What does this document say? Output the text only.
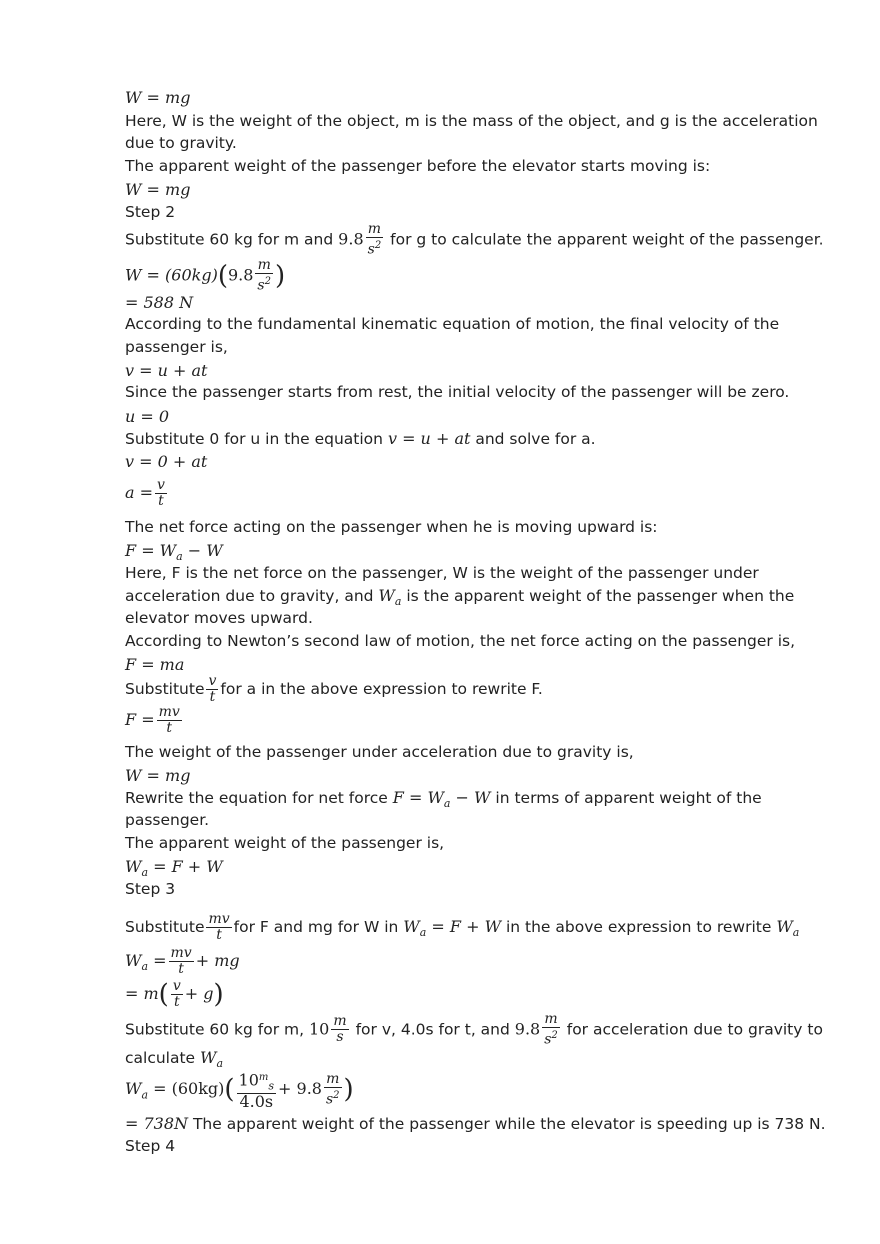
W = mg
Here, W is the weight of the object, m is the mass of the object, and g is the acceleration
due to gravity.
The apparent weight of the passenger before the elevator starts moving is:
W = mg
Step 2
Substitute 60 kg for m and $9.8 \frac{m}{s^2}$ for g to calculate the apparent weight of the passenger.
$W = (60kg)(9.8 \frac{m}{s^2}$ )
= 588 N
According to the fundamental kinematic equation of motion, the final velocity of the
passenger is,
v = u + at
Since the passenger starts from rest, the initial velocity of the passenger will be zero.
u = 0
Substitute 0 for u in the equation v = u + at and solve for a.
v = 0 + at
$a = \frac{v}{t}$
The net force acting on the passenger when he is moving upward is:
$F = W_a - W$
Here, F is the net force on the passenger, W is the weight of the passenger under
acceleration due to gravity, and $W_a$ is the apparent weight of the passenger when the
elevator moves upward.
According to Newton’s second law of motion, the net force acting on the passenger is,
F = ma
Substitute $\frac{v}{t}$ for a in the above expression to rewrite F.
$F = \frac{mv}{t}$
The weight of the passenger under acceleration due to gravity is,
W = mg
Rewrite the equation for net force $F = W_a - W$ in terms of apparent weight of the
passenger.
The apparent weight of the passenger is,
$W_a = F + W$
Step 3
Substitute $\frac{mv}{t}$ for F and mg for W in $W_a = F + W$ in the above expression to rewrite $W_a$
$W_a = \frac{mv}{t}$ + mg
= $m( \frac{v}{t} + g)$
Substitute 60 kg for m, $10 \frac{m}{s}$ for v, 4.0s for t, and $9.8 \frac{m}{s^2}$ for acceleration due to gravity to
calculate $W_a$
$W_a = (60kg)( \frac{10^m_s}{4.0s} + 9.8 \frac{m}{s^2}$ )
= 738N The apparent weight of the passenger while the elevator is speeding up is 738 N.
Step 4
